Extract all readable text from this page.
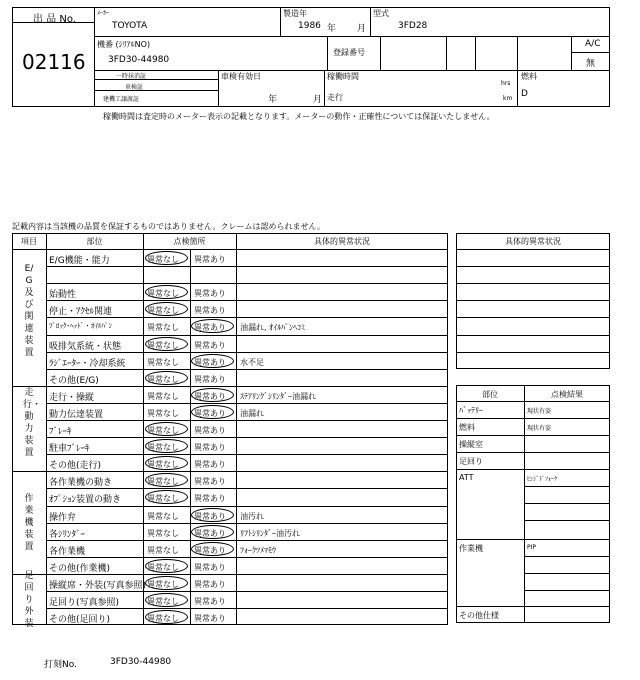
出 品 No.
02116
ﾒｰｶｰ
TOYOTA
製造年
1986 年 月
型式
3FD28
機番 (ｼﾘｱﾙNO)
3FD30-44980
登録番号
A/C
無
一時抹消証
車検証
建機工譲渡証
車検有効日
年	月
稼働時間
hrs
走行	km
燃料
D
稼働時間は査定時のメーター表示の記載となります。メーターの動作・正確性については保証いたしません。
記載内容は当該機の品質を保証するものではありません。クレームは認められません。
項目	部位	点検箇所	具体的異常状況
E/G及び関連装置
E/G機能・能力	異常なし 異常あり
始動性	異常なし 異常あり
停止・ｱｸｾﾙ関連	異常なし 異常あり
ﾌﾞﾛｯｸ･ﾍｯﾄﾞ・ｵｲﾙﾊﾟﾝ	異常なし 異常あり 油漏れ, ｵｲﾙﾊﾟﾝﾍｺﾐ
吸排気系統・状態	異常なし 異常あり
ﾗｼﾞｴｰﾀｰ・冷却系統	異常なし 異常あり 水不足
その他(E/G)	異常なし 異常あり
走行・動力装置
走行・操縦	異常なし 異常あり ｽﾃｱﾘﾝｸﾞｼﾘﾝﾀﾞｰ油漏れ
動力伝達装置	異常なし 異常あり 油漏れ
ﾌﾞﾚｰｷ	異常なし 異常あり
駐車ﾌﾞﾚｰｷ	異常なし 異常あり
その他(走行)	異常なし 異常あり
作業機装置
各作業機の動き	異常なし 異常あり
ｵﾌﾟｼｮﾝ装置の動き	異常なし 異常あり
操作弁	異常なし 異常あり 油汚れ
各ｼﾘﾝﾀﾞｰ	異常なし 異常あり ﾘﾌﾄｼﾘﾝﾀﾞｰ油汚れ
各作業機	異常なし 異常あり ﾌｫｰｸﾂﾒﾏﾓｳ
その他(作業機)	異常なし 異常あり
足回り外装
操縦席・外装(写真参照) 異常なし 異常あり
足回り(写真参照)	異常なし 異常あり
その他(足回り)	異常なし 異常あり
具体的異常状況
部位	点検結果
ﾊﾞｯﾃﾘｰ	現状有姿
燃料	現状有姿
操縦室
足回り
ATT	ﾋﾝｼﾞﾄﾞﾌｫｰｸ
作業機	PIP
その他仕様
打刻No.	3FD30-44980
